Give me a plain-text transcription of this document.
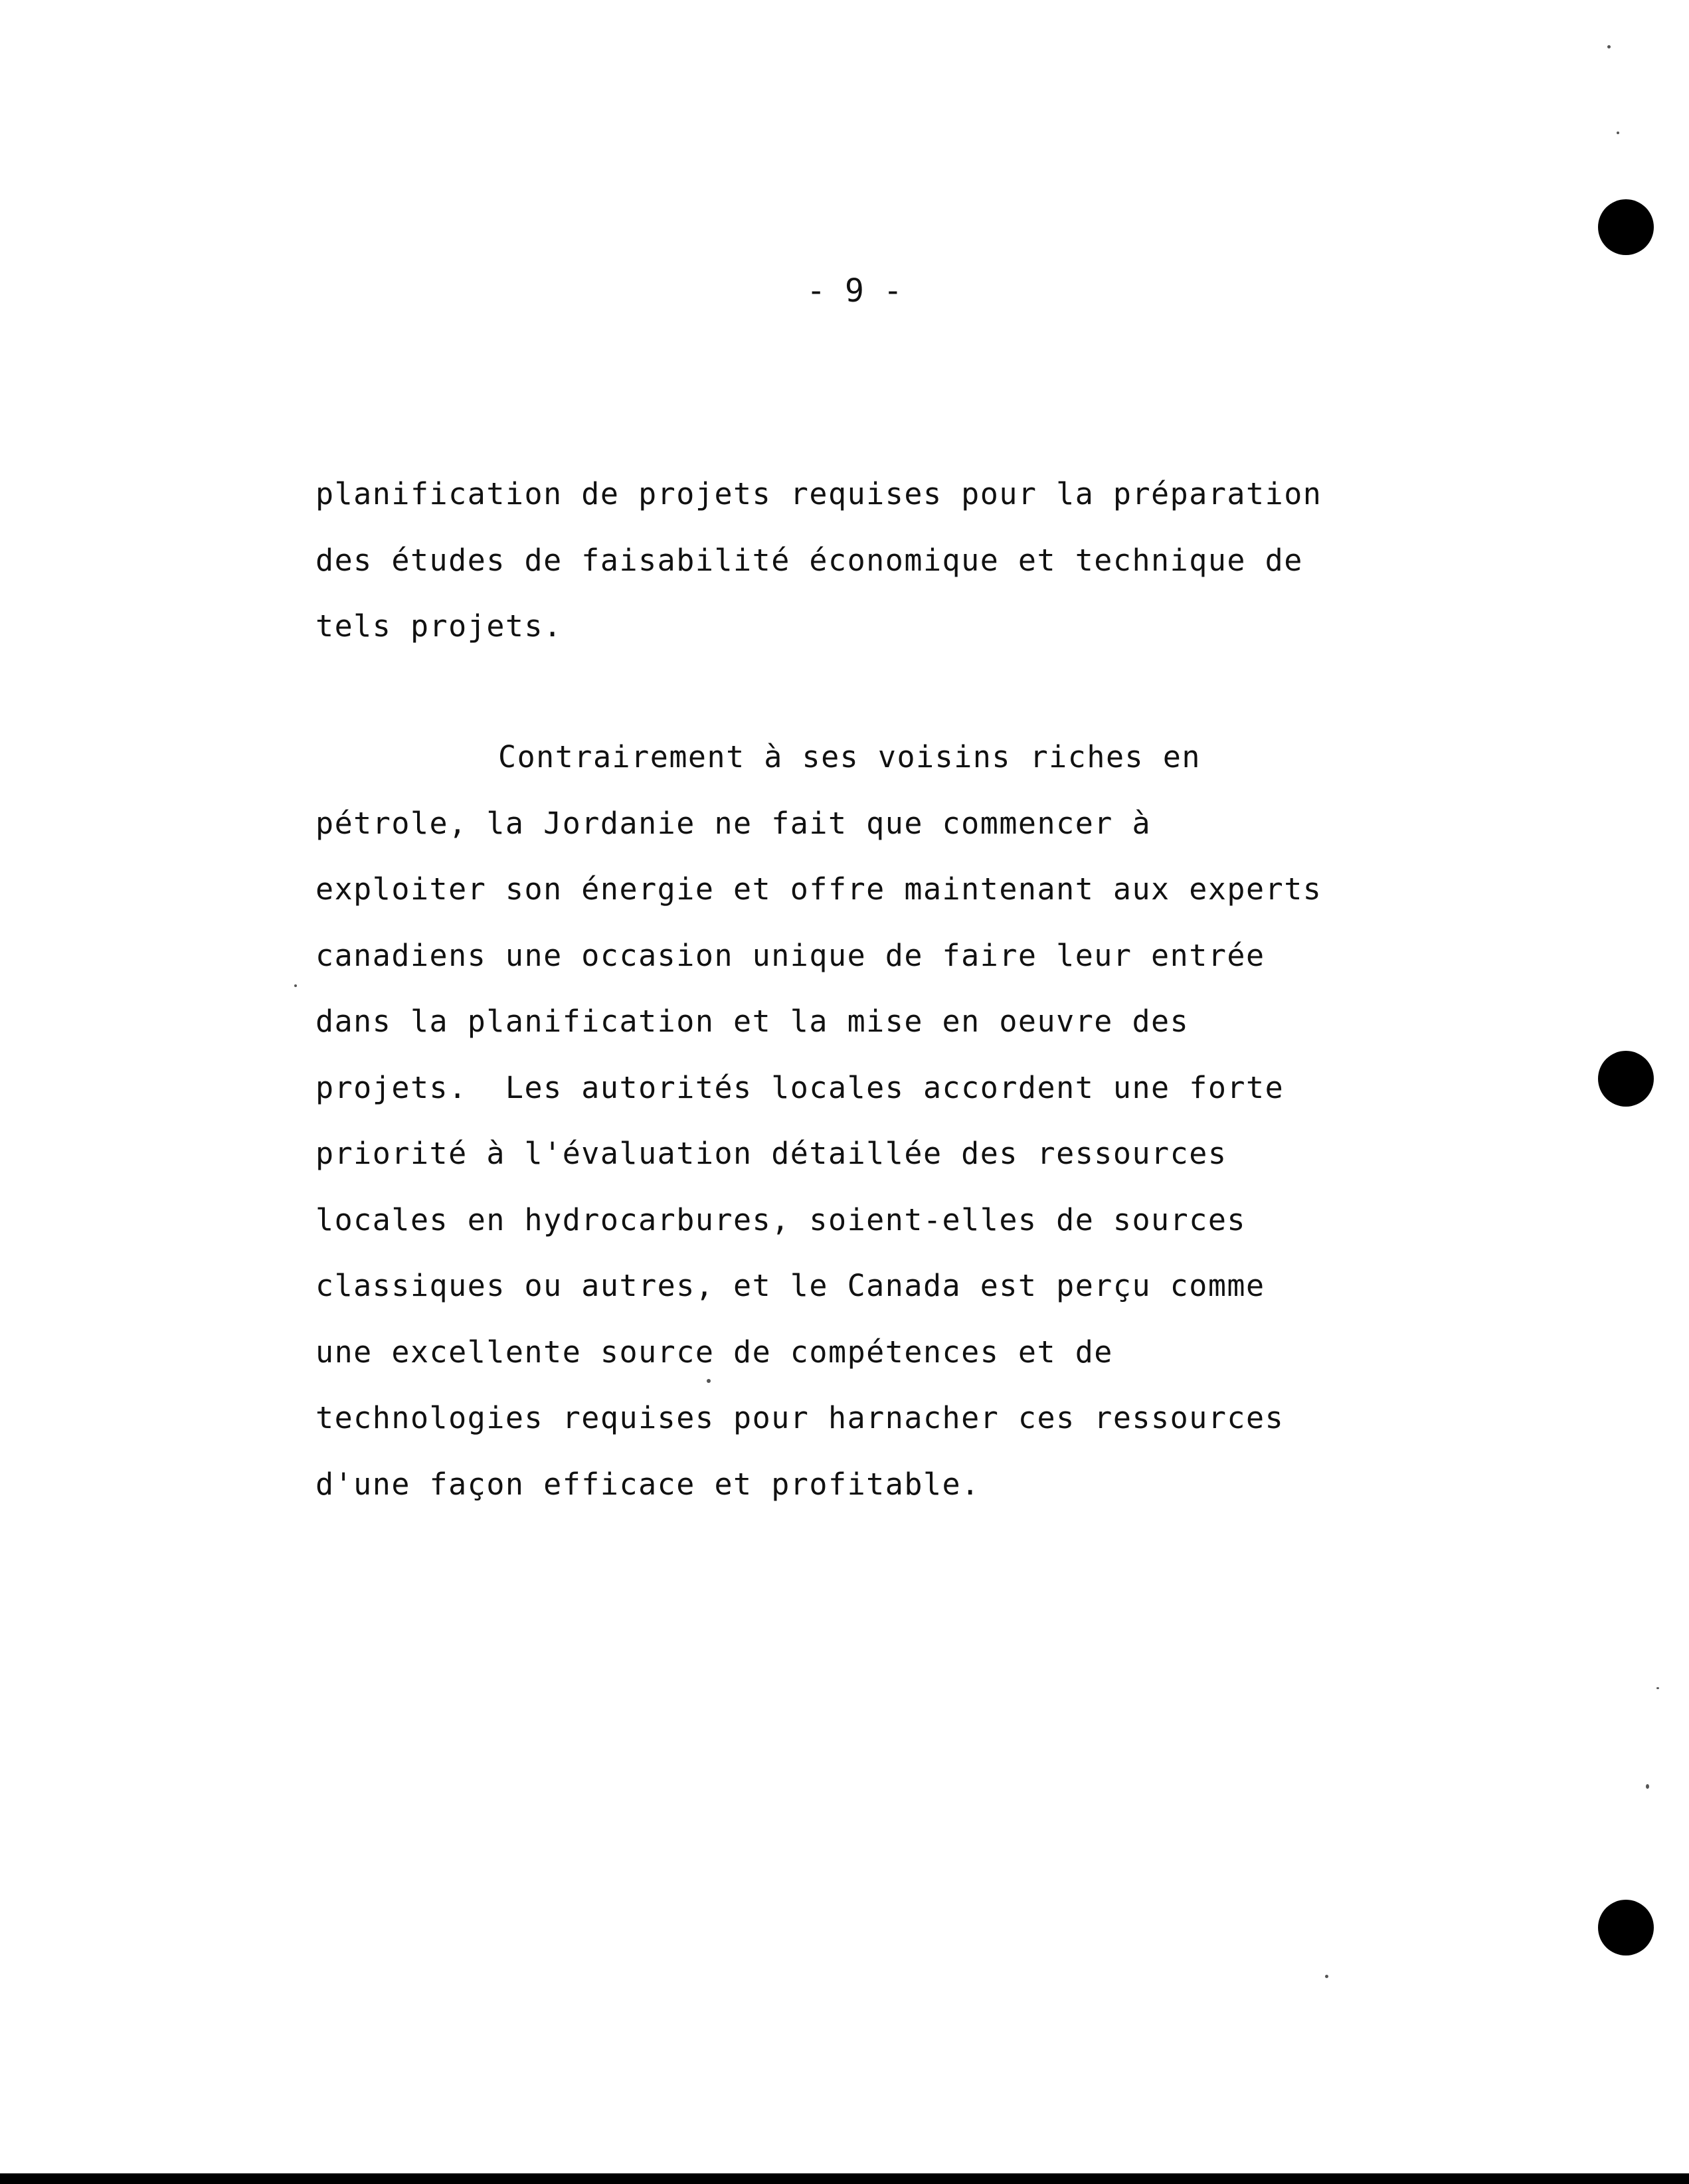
- 9 -
planification de projets requises pour la préparation
des études de faisabilité économique et technique de
tels projets.
Contrairement à ses voisins riches en
pétrole, la Jordanie ne fait que commencer à
exploiter son énergie et offre maintenant aux experts
canadiens une occasion unique de faire leur entrée
dans la planification et la mise en oeuvre des
projets.  Les autorités locales accordent une forte
priorité à l'évaluation détaillée des ressources
locales en hydrocarbures, soient-elles de sources
classiques ou autres, et le Canada est perçu comme
une excellente source de compétences et de
technologies requises pour harnacher ces ressources
d'une façon efficace et profitable.
